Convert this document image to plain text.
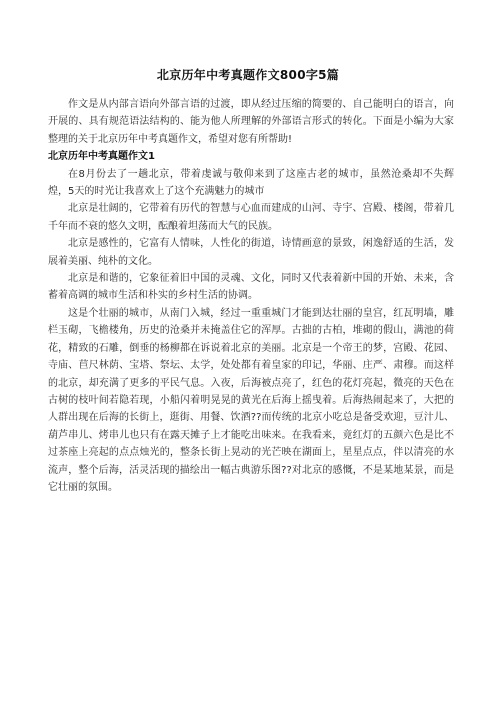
北京历年中考真题作文800字5篇

作文是从内部言语向外部言语的过渡，即从经过压缩的简要的、自己能明白的语言，向开展的、具有规范语法结构的、能为他人所理解的外部语言形式的转化。下面是小编为大家整理的关于北京历年中考真题作文，希望对您有所帮助!

北京历年中考真题作文1

在8月份去了一趟北京，带着虔诚与敬仰来到了这座古老的城市，虽然沧桑却不失辉煌，5天的时光让我喜欢上了这个充满魅力的城市

北京是壮阔的，它带着有历代的智慧与心血而建成的山河、寺宇、宫殿、楼阁，带着几千年而不衰的悠久文明，酝酿着坦荡而大气的民族。

北京是感性的，它富有人情味，人性化的街道，诗情画意的景致，闲逸舒适的生活，发展着美丽、纯朴的文化。

北京是和谐的，它象征着旧中国的灵魂、文化，同时又代表着新中国的开始、未来，含蓄着高调的城市生活和朴实的乡村生活的协调。

这是个壮丽的城市，从南门入城，经过一重重城门才能到达壮丽的皇宫，红瓦明墙，雕栏玉砌，飞檐楼角，历史的沧桑并未掩盖住它的浑厚。古拙的古柏，堆砌的假山，满池的荷花，精致的石雕，倒垂的杨柳都在诉说着北京的美丽。北京是一个帝王的梦，宫殿、花园、寺庙、苣尺林荫、宝塔、祭坛、太学，处处都有着皇家的印记，华丽、庄严、肃穆。而这样的北京，却充满了更多的平民气息。入夜，后海被点亮了，红色的花灯亮起，微亮的天色在古树的枝叶间若隐若现，小船闪着明晃晃的黄光在后海上摇曳着。后海热闹起来了，大把的人群出现在后海的长街上，逛街、用餐、饮酒??而传统的北京小吃总是备受欢迎，豆汁儿、葫芦串儿、烤串儿也只有在露天摊子上才能吃出味来。在我看来，竟红灯的五颜六色是比不过茶座上亮起的点点烛光的，整条长街上晃动的光芒映在湖面上，星星点点，伴以清亮的水流声，整个后海，活灵活现的描绘出一幅古典游乐图??对北京的感慨，不是某地某景，而是它壮丽的氛围。
